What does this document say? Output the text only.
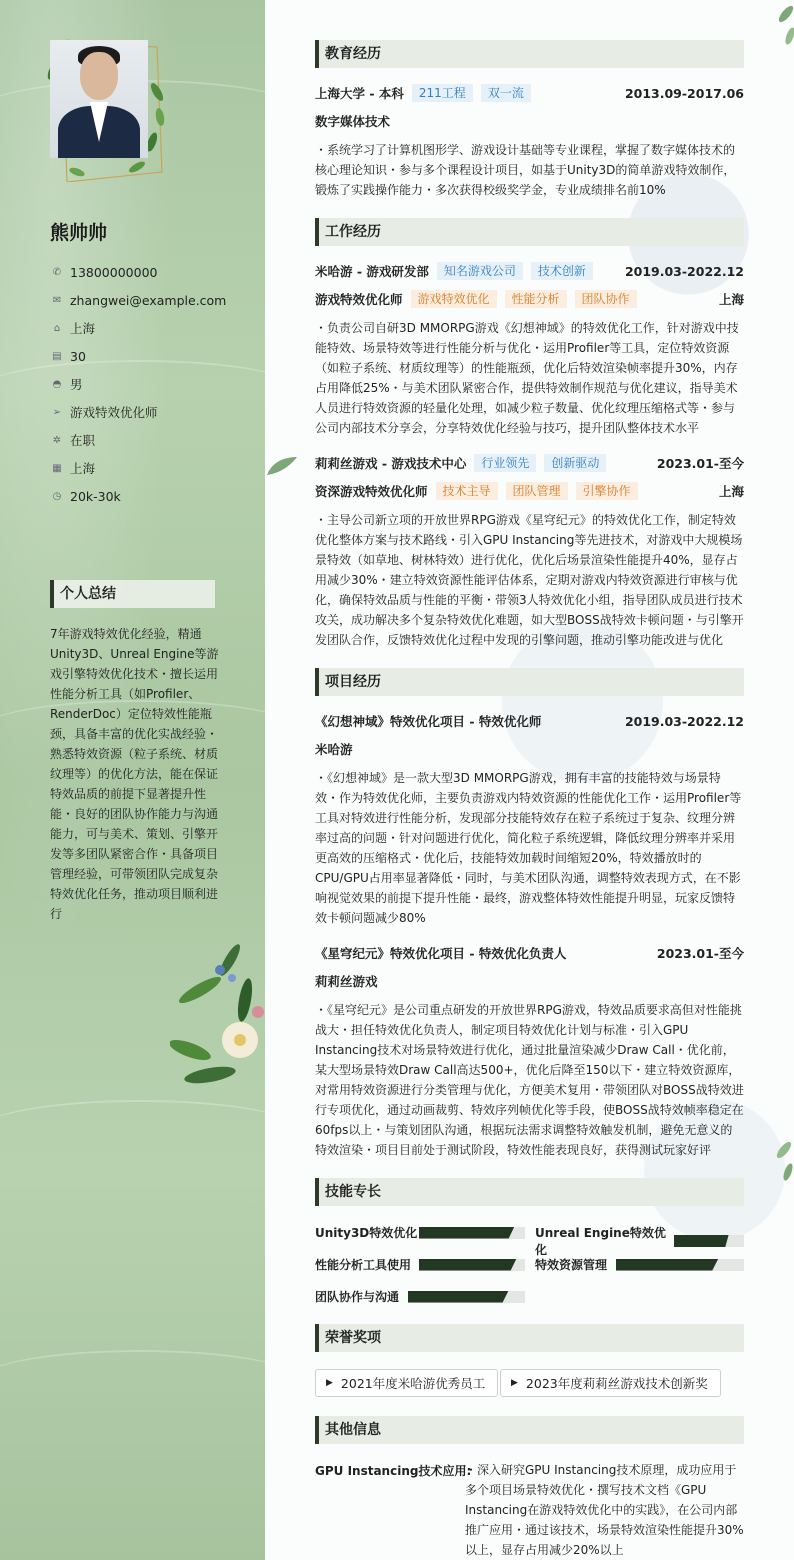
熊帅帅
✆ 13800000000
✉ zhangwei@example.com
⌂ 上海
▤ 30
◓ 男
➢ 游戏特效优化师
✲ 在职
▦ 上海
◷ 20k-30k
个人总结
7年游戏特效优化经验，精通Unity3D、Unreal Engine等游戏引擎特效优化技术・擅长运用性能分析工具（如Profiler、RenderDoc）定位特效性能瓶颈，具备丰富的优化实战经验・熟悉特效资源（粒子系统、材质纹理等）的优化方法，能在保证特效品质的前提下显著提升性能・良好的团队协作能力与沟通能力，可与美术、策划、引擎开发等多团队紧密合作・具备项目管理经验，可带领团队完成复杂特效优化任务，推动项目顺利进行
教育经历
上海大学 - 本科	211工程	双一流	2013.09-2017.06
数字媒体技术
・系统学习了计算机图形学、游戏设计基础等专业课程，掌握了数字媒体技术的核心理论知识・参与多个课程设计项目，如基于Unity3D的简单游戏特效制作，锻炼了实践操作能力・多次获得校级奖学金，专业成绩排名前10%
工作经历
米哈游 - 游戏研发部	知名游戏公司	技术创新	2019.03-2022.12
游戏特效优化师	游戏特效优化	性能分析	团队协作	上海
・负责公司自研3D MMORPG游戏《幻想神域》的特效优化工作，针对游戏中技能特效、场景特效等进行性能分析与优化・运用Profiler等工具，定位特效资源（如粒子系统、材质纹理等）的性能瓶颈，优化后特效渲染帧率提升30%，内存占用降低25%・与美术团队紧密合作，提供特效制作规范与优化建议，指导美术人员进行特效资源的轻量化处理，如减少粒子数量、优化纹理压缩格式等・参与公司内部技术分享会，分享特效优化经验与技巧，提升团队整体技术水平
莉莉丝游戏 - 游戏技术中心	行业领先	创新驱动	2023.01-至今
资深游戏特效优化师	技术主导	团队管理	引擎协作	上海
・主导公司新立项的开放世界RPG游戏《星穹纪元》的特效优化工作，制定特效优化整体方案与技术路线・引入GPU Instancing等先进技术，对游戏中大规模场景特效（如草地、树林特效）进行优化，优化后场景渲染性能提升40%，显存占用减少30%・建立特效资源性能评估体系，定期对游戏内特效资源进行审核与优化，确保特效品质与性能的平衡・带领3人特效优化小组，指导团队成员进行技术攻关，成功解决多个复杂特效优化难题，如大型BOSS战特效卡顿问题・与引擎开发团队合作，反馈特效优化过程中发现的引擎问题，推动引擎功能改进与优化
项目经历
《幻想神域》特效优化项目 - 特效优化师	2019.03-2022.12
米哈游
・《幻想神域》是一款大型3D MMORPG游戏，拥有丰富的技能特效与场景特效・作为特效优化师，主要负责游戏内特效资源的性能优化工作・运用Profiler等工具对特效进行性能分析，发现部分技能特效存在粒子系统过于复杂、纹理分辨率过高的问题・针对问题进行优化，简化粒子系统逻辑，降低纹理分辨率并采用更高效的压缩格式・优化后，技能特效加载时间缩短20%，特效播放时的CPU/GPU占用率显著降低・同时，与美术团队沟通，调整特效表现方式，在不影响视觉效果的前提下提升性能・最终，游戏整体特效性能提升明显，玩家反馈特效卡顿问题减少80%
《星穹纪元》特效优化项目 - 特效优化负责人	2023.01-至今
莉莉丝游戏
・《星穹纪元》是公司重点研发的开放世界RPG游戏，特效品质要求高但对性能挑战大・担任特效优化负责人，制定项目特效优化计划与标准・引入GPU Instancing技术对场景特效进行优化，通过批量渲染减少Draw Call・优化前，某大型场景特效Draw Call高达500+，优化后降至150以下・建立特效资源库，对常用特效资源进行分类管理与优化，方便美术复用・带领团队对BOSS战特效进行专项优化，通过动画裁剪、特效序列帧优化等手段，使BOSS战特效帧率稳定在60fps以上・与策划团队沟通，根据玩法需求调整特效触发机制，避免无意义的特效渲染・项目目前处于测试阶段，特效性能表现良好，获得测试玩家好评
技能专长
Unity3D特效优化	Unreal Engine特效优化
性能分析工具使用	特效资源管理
团队协作与沟通
荣誉奖项
▶ 2021年度米哈游优秀员工	▶ 2023年度莉莉丝游戏技术创新奖
其他信息
GPU Instancing技术应用:
・深入研究GPU Instancing技术原理，成功应用于多个项目场景特效优化・撰写技术文档《GPU Instancing在游戏特效优化中的实践》，在公司内部推广应用・通过该技术，场景特效渲染性能提升30%以上，显存占用减少20%以上
